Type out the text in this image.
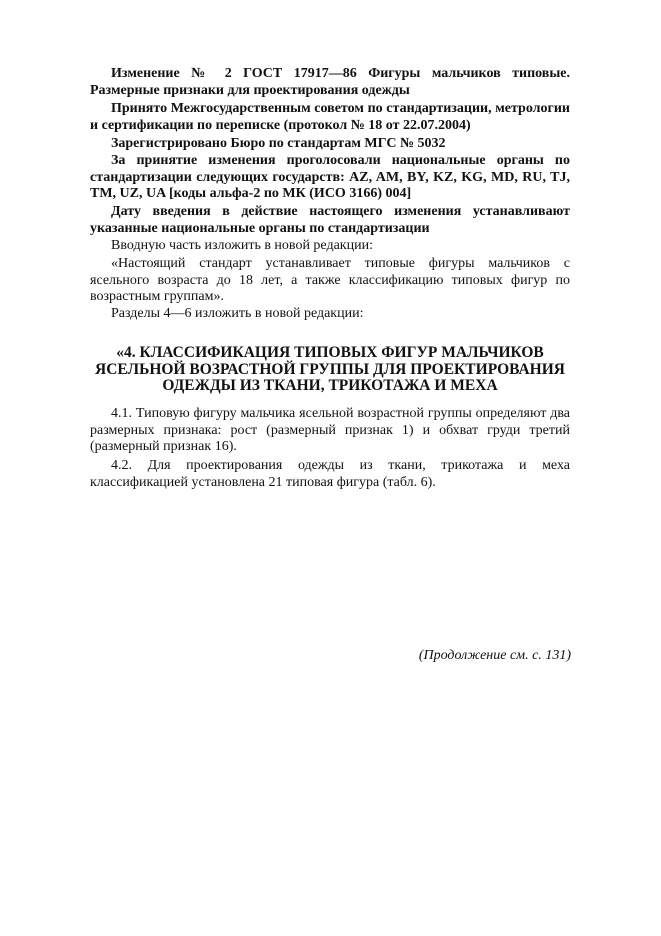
Изменение № 2 ГОСТ 17917—86 Фигуры мальчиков типовые. Размерные признаки для проектирования одежды
Принято Межгосударственным советом по стандартизации, метрологии и сертификации по переписке (протокол № 18 от 22.07.2004)
Зарегистрировано Бюро по стандартам МГС № 5032
За принятие изменения проголосовали национальные органы по стандартизации следующих государств: AZ, AM, BY, KZ, KG, MD, RU, TJ, TM, UZ, UA [коды альфа-2 по МК (ИСО 3166) 004]
Дату введения в действие настоящего изменения устанавливают указанные национальные органы по стандартизации
Вводную часть изложить в новой редакции:
«Настоящий стандарт устанавливает типовые фигуры мальчиков с ясельного возраста до 18 лет, а также классификацию типовых фигур по возрастным группам».
Разделы 4—6 изложить в новой редакции:
«4. КЛАССИФИКАЦИЯ ТИПОВЫХ ФИГУР МАЛЬЧИКОВ
ЯСЕЛЬНОЙ ВОЗРАСТНОЙ ГРУППЫ ДЛЯ ПРОЕКТИРОВАНИЯ
ОДЕЖДЫ ИЗ ТКАНИ, ТРИКОТАЖА И МЕХА
4.1. Типовую фигуру мальчика ясельной возрастной группы определяют два размерных признака: рост (размерный признак 1) и обхват груди третий (размерный признак 16).
4.2. Для проектирования одежды из ткани, трикотажа и меха классификацией установлена 21 типовая фигура (табл. 6).
(Продолжение см. с. 131)
